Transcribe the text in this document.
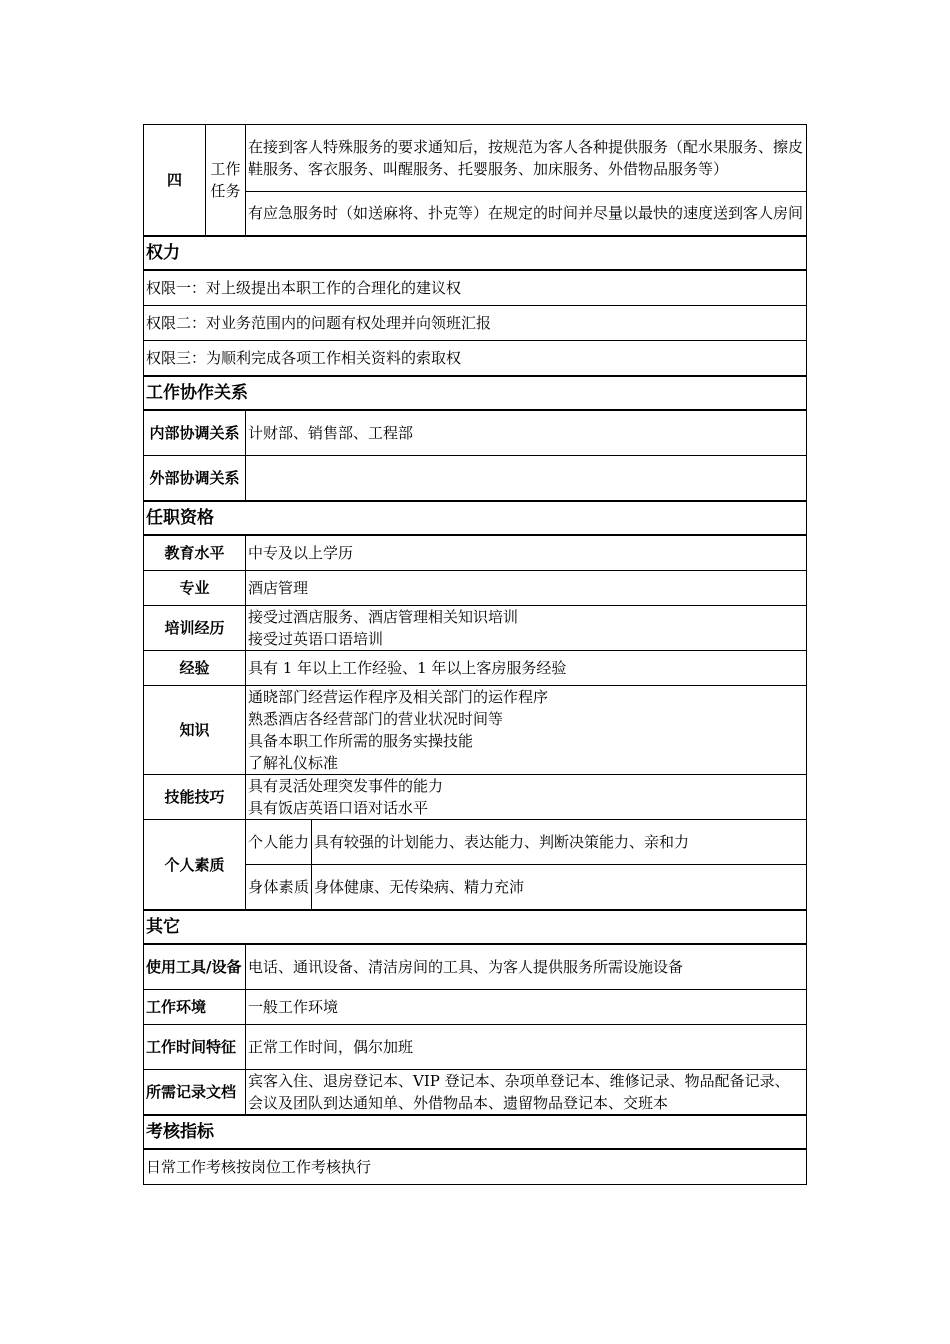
四	工作任务	在接到客人特殊服务的要求通知后，按规范为客人各种提供服务（配水果服务、擦皮鞋服务、客衣服务、叫醒服务、托婴服务、加床服务、外借物品服务等）	
		有应急服务时（如送麻将、扑克等）在规定的时间并尽量以最快的速度送到客人房间	
权力			
权限一：对上级提出本职工作的合理化的建议权			
权限二：对业务范围内的问题有权处理并向领班汇报			
权限三：为顺利完成各项工作相关资料的索取权			
工作协作关系			
内部协调关系		计财部、销售部、工程部	
外部协调关系			
任职资格			
教育水平		中专及以上学历	
专业		酒店管理	
培训经历		接受过酒店服务、酒店管理相关知识培训
接受过英语口语培训	

经验		具有 1 年以上工作经验、1 年以上客房服务经验	
知识		通晓部门经营运作程序及相关部门的运作程序
熟悉酒店各经营部门的营业状况时间等
具备本职工作所需的服务实操技能
了解礼仪标准	

技能技巧		具有灵活处理突发事件的能力
具有饭店英语口语对话水平	

个人素质		个人能力	具有较强的计划能力、表达能力、判断决策能力、亲和力
		身体素质	身体健康、无传染病、精力充沛
其它			
使用工具/设备		电话、通讯设备、清洁房间的工具、为客人提供服务所需设施设备	
工作环境		一般工作环境	
工作时间特征		正常工作时间，偶尔加班	
所需记录文档		宾客入住、退房登记本、VIP 登记本、杂项单登记本、维修记录、物品配备记录、会议及团队到达通知单、外借物品本、遗留物品登记本、交班本	
考核指标			
日常工作考核按岗位工作考核执行			
